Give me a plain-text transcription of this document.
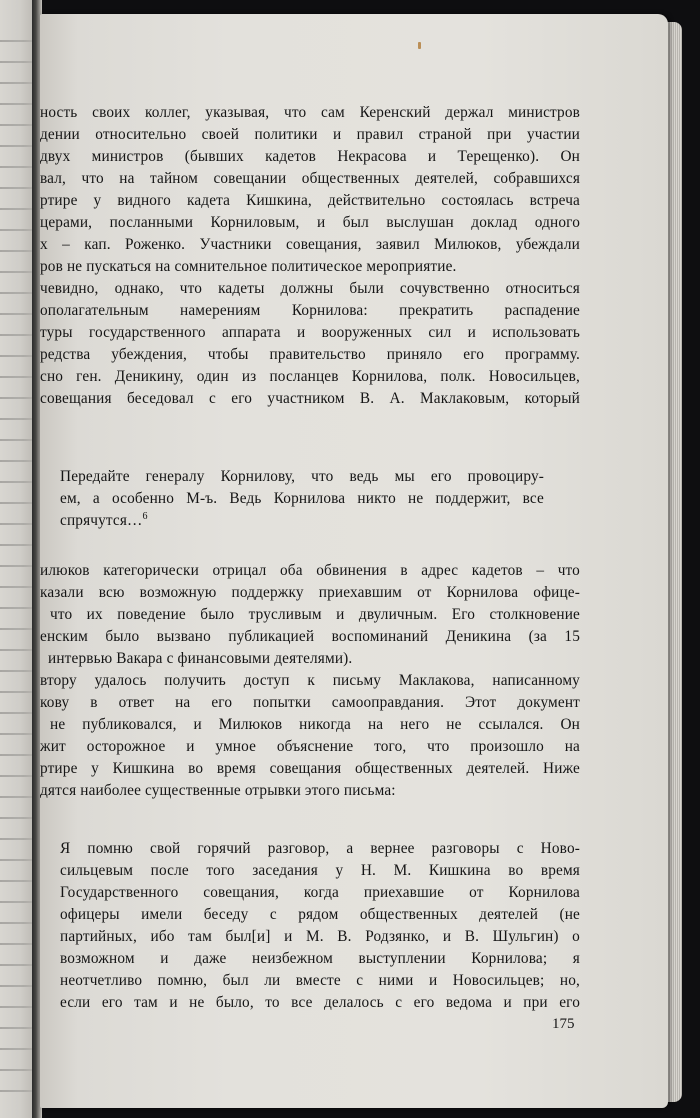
ность своих коллег, указывая, что сам Керенский держал министров
дении относительно своей политики и правил страной при участии
двух министров (бывших кадетов Некрасова и Терещенко). Он
вал, что на тайном совещании общественных деятелей, собравшихся
ртире у видного кадета Кишкина, действительно состоялась встреча
церами, посланными Корниловым, и был выслушан доклад одного
х – кап. Роженко. Участники совещания, заявил Милюков, убеждали
ров не пускаться на сомнительное политическое мероприятие.
чевидно, однако, что кадеты должны были сочувственно относиться
ополагательным намерениям Корнилова: прекратить распадение
туры государственного аппарата и вооруженных сил и использовать
редства убеждения, чтобы правительство приняло его программу.
сно ген. Деникину, один из посланцев Корнилова, полк. Новосильцев,
совещания беседовал с его участником В. А. Маклаковым, который
Передайте генералу Корнилову, что ведь мы его провоциру-
ем, а особенно М-ъ. Ведь Корнилова никто не поддержит, все
спрячутся…$^6$
илюков категорически отрицал оба обвинения в адрес кадетов – что
казали всю возможную поддержку приехавшим от Корнилова офице-
что их поведение было трусливым и двуличным. Его столкновение
енским было вызвано публикацией воспоминаний Деникина (за 15
интервью Вакара с финансовыми деятелями).
втору удалось получить доступ к письму Маклакова, написанному
кову в ответ на его попытки самооправдания. Этот документ
не публиковался, и Милюков никогда на него не ссылался. Он
жит осторожное и умное объяснение того, что произошло на
ртире у Кишкина во время совещания общественных деятелей. Ниже
дятся наиболее существенные отрывки этого письма:
Я помню свой горячий разговор, а вернее разговоры с Ново-
сильцевым после того заседания у Н. М. Кишкина во время
Государственного совещания, когда приехавшие от Корнилова
офицеры имели беседу с рядом общественных деятелей (не
партийных, ибо там был[и] и М. В. Родзянко, и В. Шульгин) о
возможном и даже неизбежном выступлении Корнилова; я
неотчетливо помню, был ли вместе с ними и Новосильцев; но,
если его там и не было, то все делалось с его ведома и при его
175
